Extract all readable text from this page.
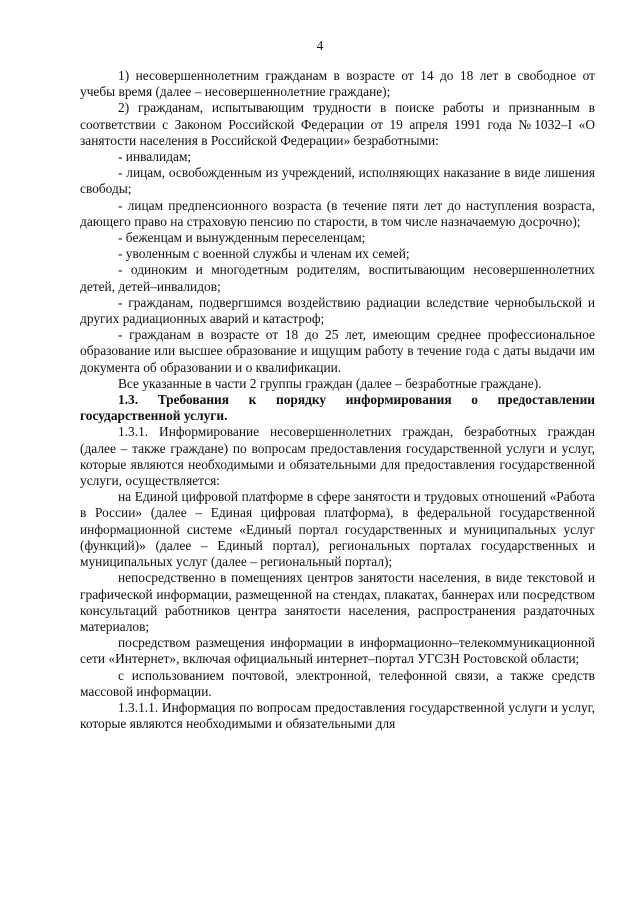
4

1) несовершеннолетним гражданам в возрасте от 14 до 18 лет в свободное от учебы время (далее – несовершеннолетние граждане);

2) гражданам, испытывающим трудности в поиске работы и признанным в соответствии с Законом Российской Федерации от 19 апреля 1991 года №1032–I «О занятости населения в Российской Федерации» безработными:

- инвалидам;

- лицам, освобожденным из учреждений, исполняющих наказание в виде лишения свободы;

- лицам предпенсионного возраста (в течение пяти лет до наступления возраста, дающего право на страховую пенсию по старости, в том числе назначаемую досрочно);

- беженцам и вынужденным переселенцам;

- уволенным с военной службы и членам их семей;

- одиноким и многодетным родителям, воспитывающим несовершеннолетних детей, детей–инвалидов;

- гражданам, подвергшимся воздействию радиации вследствие чернобыльской и других радиационных аварий и катастроф;

- гражданам в возрасте от 18 до 25 лет, имеющим среднее профессиональное образование или высшее образование и ищущим работу в течение года с даты выдачи им документа об образовании и о квалификации.

Все указанные в части 2 группы граждан (далее – безработные граждане).

1.3. Требования к порядку информирования о предоставлении государственной услуги.

1.3.1. Информирование несовершеннолетних граждан, безработных граждан (далее – также граждане) по вопросам предоставления государственной услуги и услуг, которые являются необходимыми и обязательными для предоставления государственной услуги, осуществляется:

на Единой цифровой платформе в сфере занятости и трудовых отношений «Работа в России» (далее – Единая цифровая платформа), в федеральной государственной информационной системе «Единый портал государственных и муниципальных услуг (функций)» (далее – Единый портал), региональных порталах государственных и муниципальных услуг (далее – региональный портал);

непосредственно в помещениях центров занятости населения, в виде текстовой и графической информации, размещенной на стендах, плакатах, баннерах или посредством консультаций работников центра занятости населения, распространения раздаточных материалов;

посредством размещения информации в информационно–телекоммуникационной сети «Интернет», включая официальный интернет–портал УГСЗН Ростовской области;

с использованием почтовой, электронной, телефонной связи, а также средств массовой информации.

1.3.1.1. Информация по вопросам предоставления государственной услуги и услуг, которые являются необходимыми и обязательными для
